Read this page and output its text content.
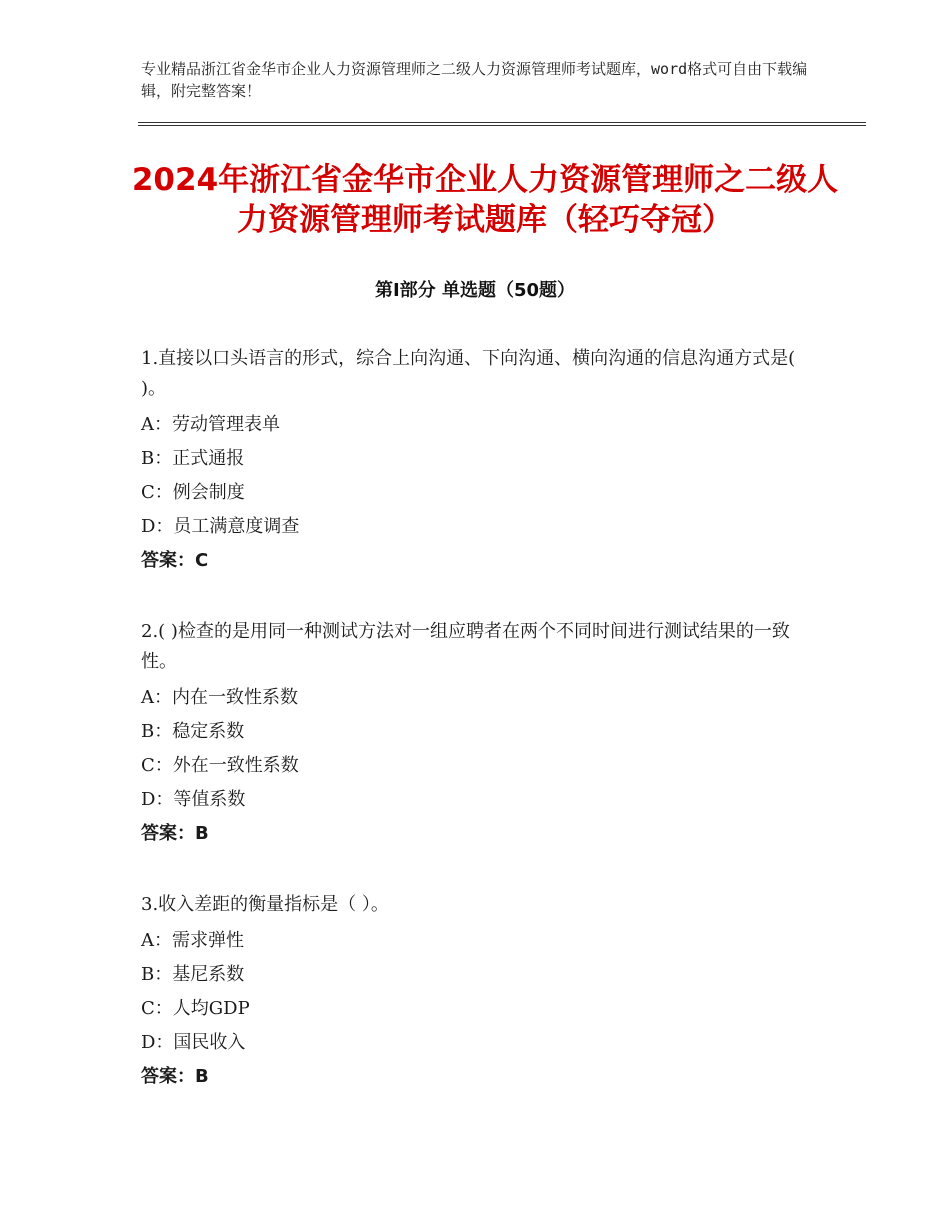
专业精品浙江省金华市企业人力资源管理师之二级人力资源管理师考试题库，word格式可自由下载编辑，附完整答案！
2024年浙江省金华市企业人力资源管理师之二级人力资源管理师考试题库（轻巧夺冠）
第Ⅰ部分 单选题（50题）

1.直接以口头语言的形式，综合上向沟通、下向沟通、横向沟通的信息沟通方式是( )。

A：劳动管理表单
B：正式通报
C：例会制度
D：员工满意度调查
答案：C

2.( )检查的是用同一种测试方法对一组应聘者在两个不同时间进行测试结果的一致性。

A：内在一致性系数
B：稳定系数
C：外在一致性系数
D：等值系数
答案：B

3.收入差距的衡量指标是（ ）。

A：需求弹性
B：基尼系数
C：人均GDP
D：国民收入
答案：B
